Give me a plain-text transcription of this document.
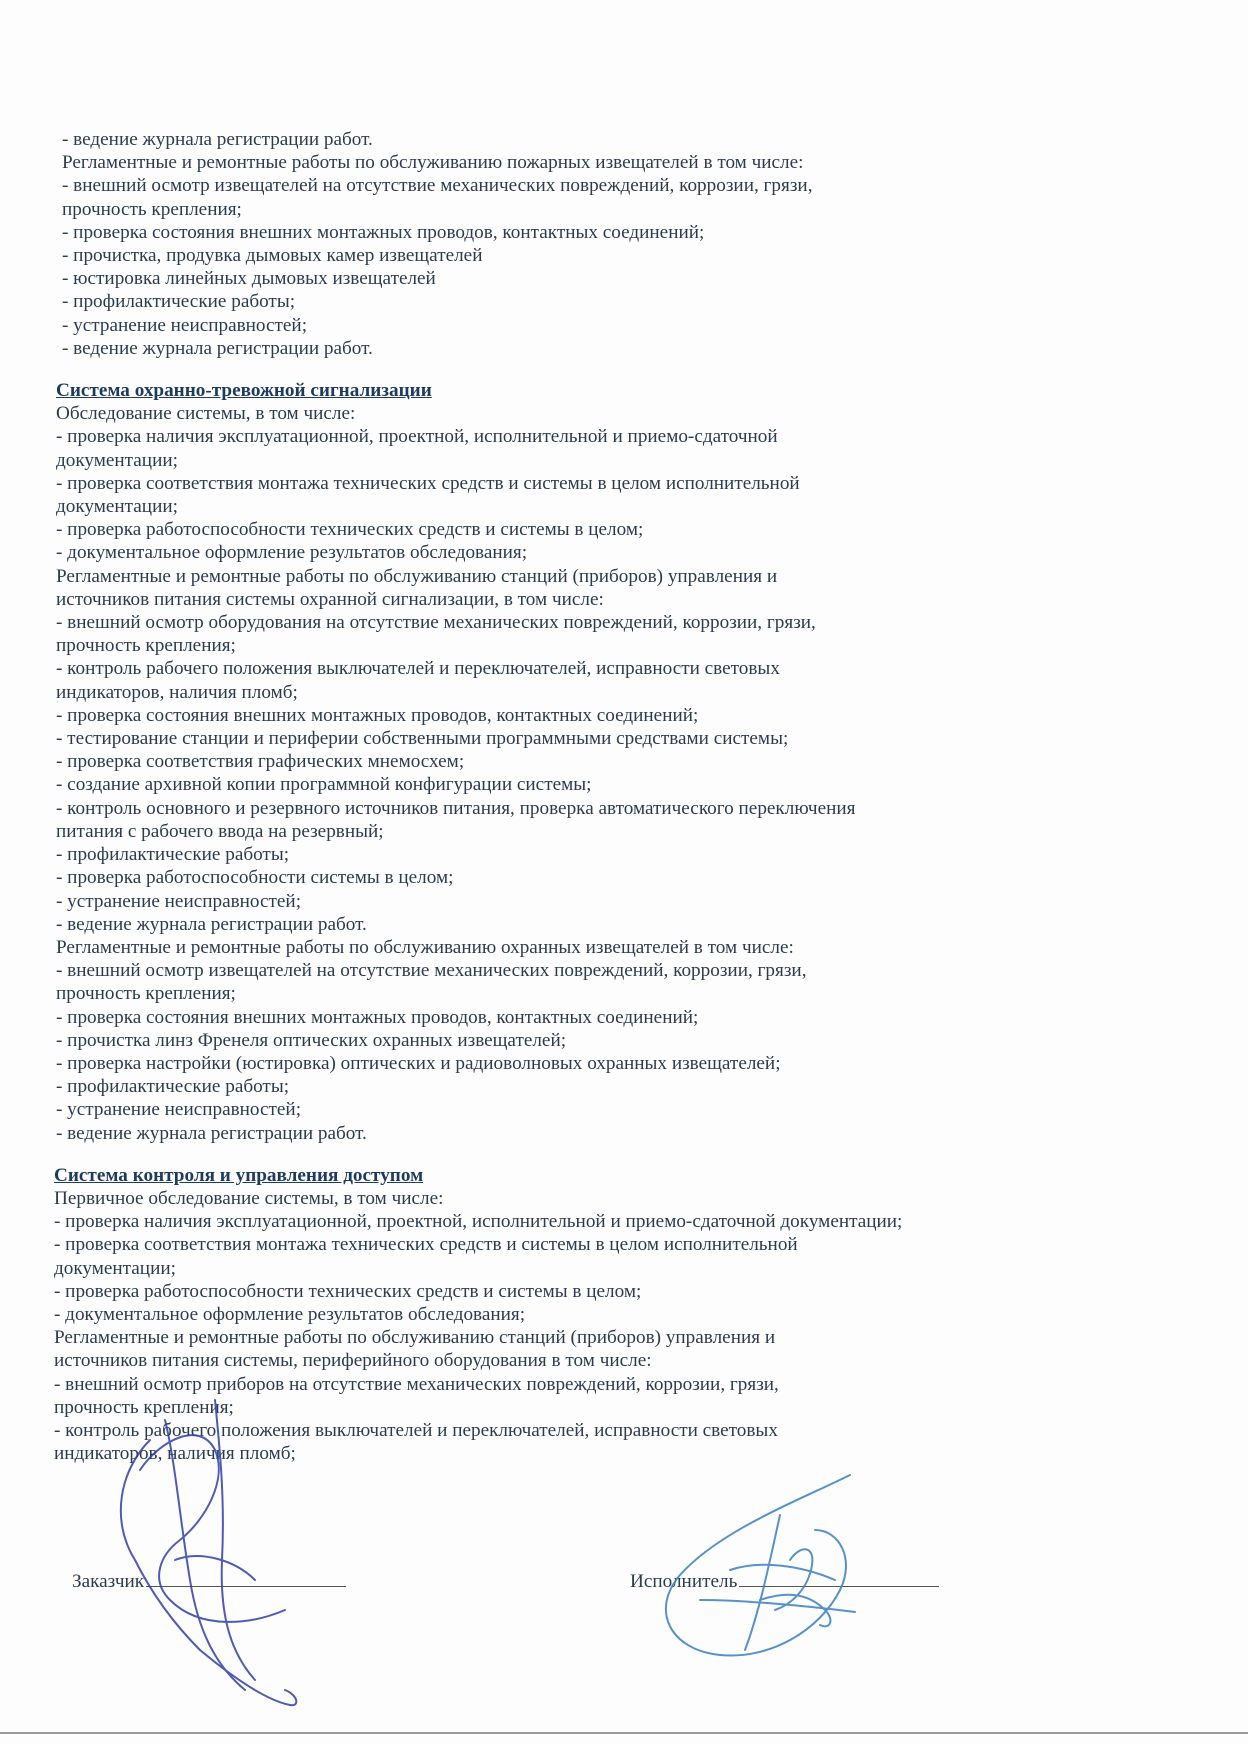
- ведение журнала регистрации работ.
Регламентные и ремонтные работы по обслуживанию пожарных извещателей в том числе:
- внешний осмотр извещателей на отсутствие механических повреждений, коррозии, грязи,
прочность крепления;
- проверка состояния внешних монтажных проводов, контактных соединений;
- прочистка, продувка дымовых камер извещателей
- юстировка линейных дымовых извещателей
- профилактические работы;
- устранение неисправностей;
- ведение журнала регистрации работ.
Система охранно-тревожной сигнализации
Обследование системы, в том числе:
- проверка наличия эксплуатационной, проектной, исполнительной и приемо-сдаточной
документации;
- проверка соответствия монтажа технических средств и системы в целом исполнительной
документации;
- проверка работоспособности технических средств и системы в целом;
- документальное оформление результатов обследования;
Регламентные и ремонтные работы по обслуживанию станций (приборов) управления и
источников питания системы охранной сигнализации, в том числе:
- внешний осмотр оборудования на отсутствие механических повреждений, коррозии, грязи,
прочность крепления;
- контроль рабочего положения выключателей и переключателей, исправности световых
индикаторов, наличия пломб;
- проверка состояния внешних монтажных проводов, контактных соединений;
- тестирование станции и периферии собственными программными средствами системы;
- проверка соответствия графических мнемосхем;
- создание архивной копии программной конфигурации системы;
- контроль основного и резервного источников питания, проверка автоматического переключения
питания с рабочего ввода на резервный;
- профилактические работы;
- проверка работоспособности системы в целом;
- устранение неисправностей;
- ведение журнала регистрации работ.
Регламентные и ремонтные работы по обслуживанию охранных извещателей в том числе:
- внешний осмотр извещателей на отсутствие механических повреждений, коррозии, грязи,
прочность крепления;
- проверка состояния внешних монтажных проводов, контактных соединений;
- прочистка линз Френеля оптических охранных извещателей;
- проверка настройки (юстировка) оптических и радиоволновых охранных извещателей;
- профилактические работы;
- устранение неисправностей;
- ведение журнала регистрации работ.
Система контроля и управления доступом
Первичное обследование системы, в том числе:
- проверка наличия эксплуатационной, проектной, исполнительной и приемо-сдаточной документации;
- проверка соответствия монтажа технических средств и системы в целом исполнительной
документации;
- проверка работоспособности технических средств и системы в целом;
- документальное оформление результатов обследования;
Регламентные и ремонтные работы по обслуживанию станций (приборов) управления и
источников питания системы, периферийного оборудования в том числе:
- внешний осмотр приборов на отсутствие механических повреждений, коррозии, грязи,
прочность крепления;
- контроль рабочего положения выключателей и переключателей, исправности световых
индикаторов, наличия пломб;
Заказчик	Исполнитель
